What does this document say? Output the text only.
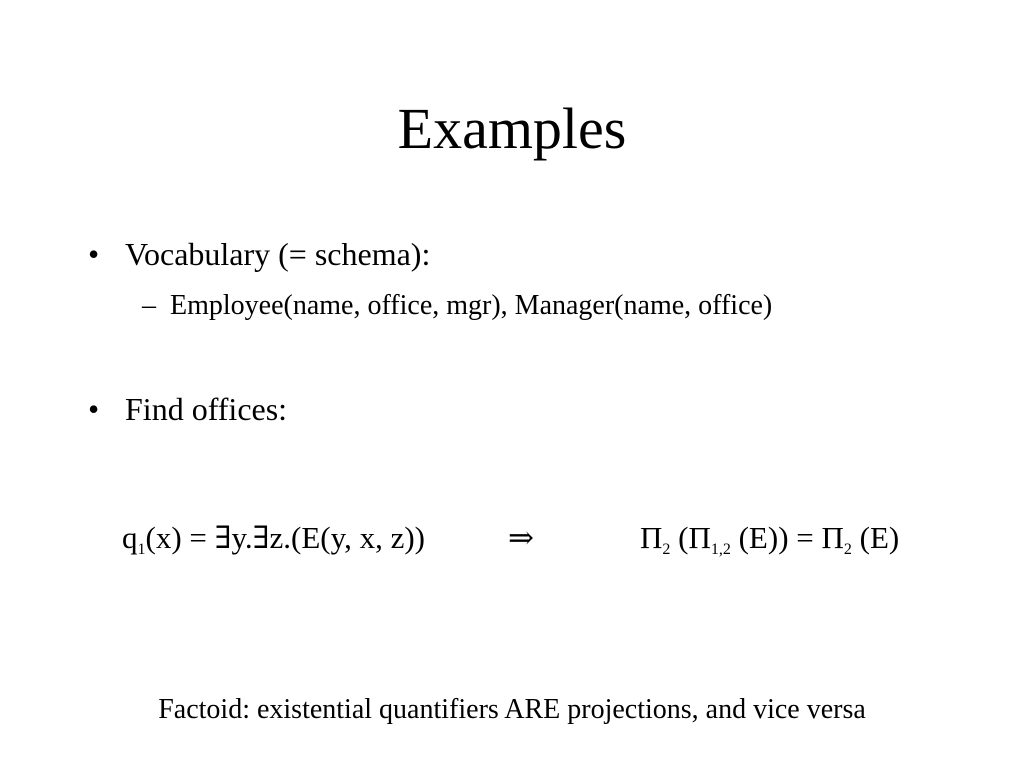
Examples
• Vocabulary (= schema):
– Employee(name, office, mgr), Manager(name, office)
• Find offices:
$q_1(x)$ = ∃y.∃z.(E(y, x, z))	⇒	$\Pi_2$ ($\Pi_{1,2}$ $(E)) = \Pi_2$ (E)
Factoid: existential quantifiers ARE projections, and vice versa
